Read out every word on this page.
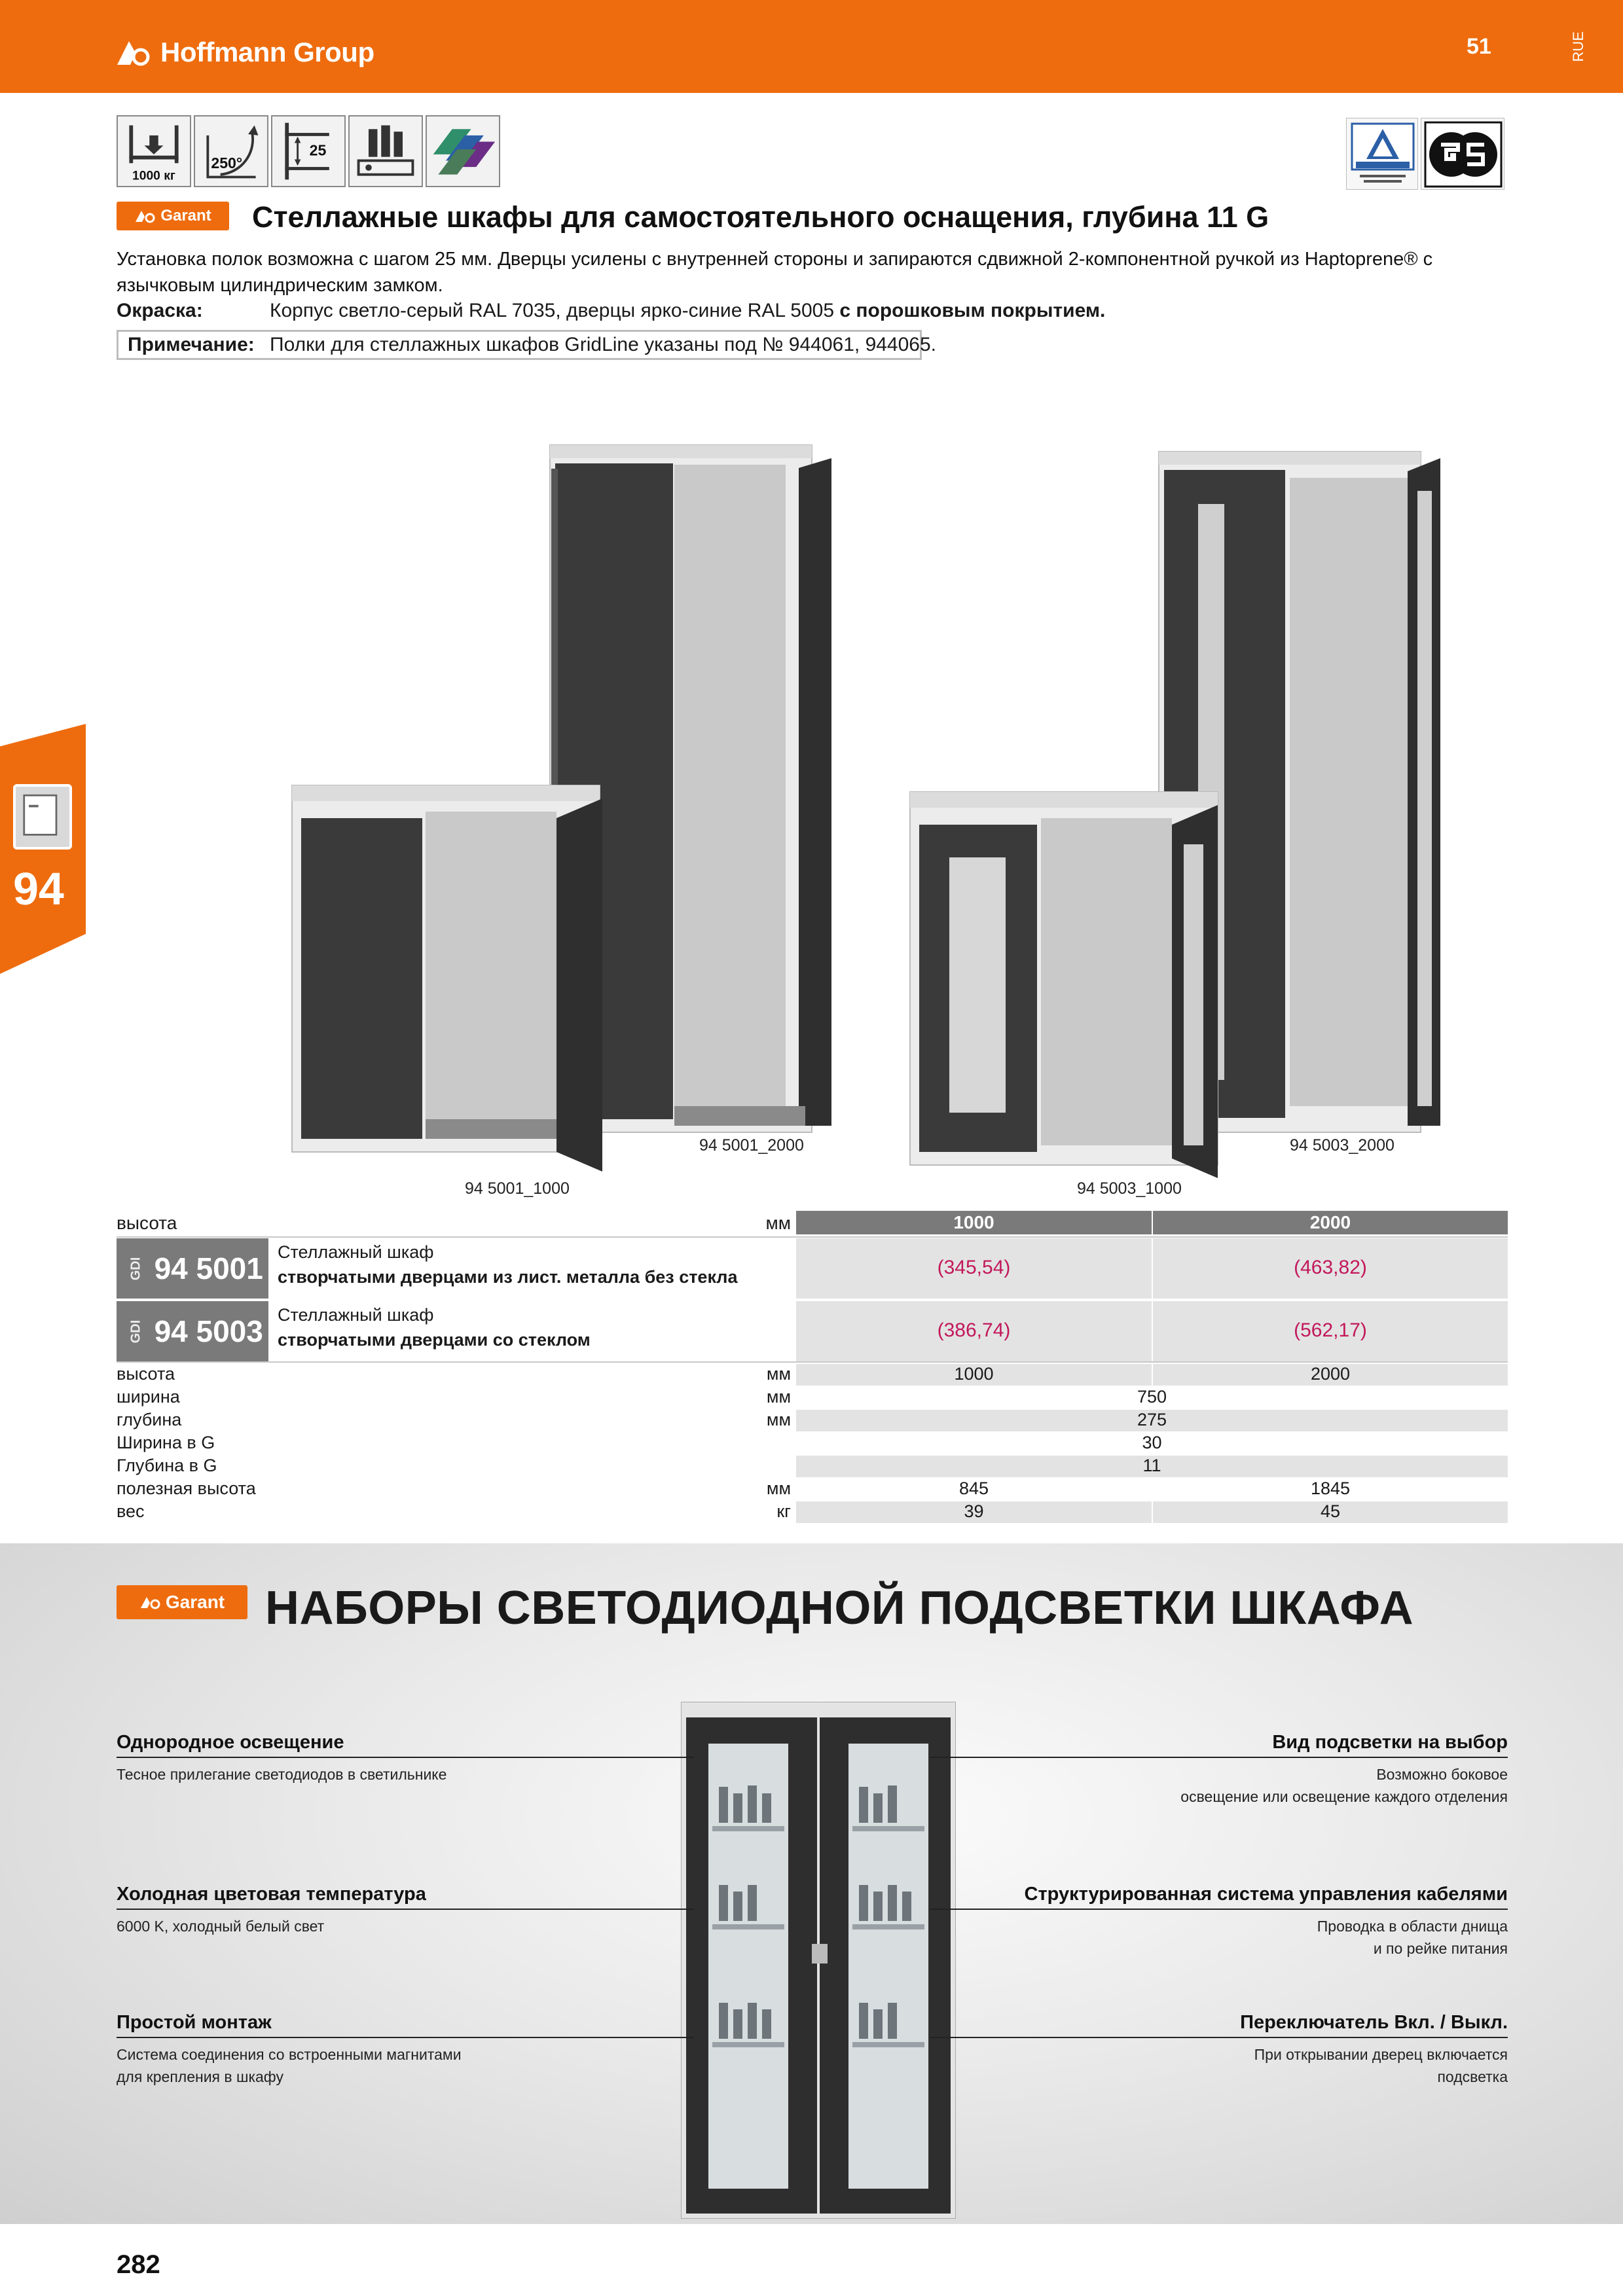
Hoffmann Group	51	RUE
1000 кг
250°
25
Garant Стеллажные шкафы для самостоятельного оснащения, глубина 11 G
Установка полок возможна с шагом 25 мм. Дверцы усилены с внутренней стороны и запираются сдвижной 2-компонентной ручкой из Haptoprene® с язычковым цилиндрическим замком.
Окраска:	Корпус светло-серый RAL 7035, дверцы ярко-синие RAL 5005 с порошковым покрытием.
Примечание: Полки для стеллажных шкафов GridLine указаны под № 944061, 944065.
94
94 5001_2000
94 5001_1000
94 5003_2000
94 5003_1000
высота	мм	1000	2000
GDI 94 5001 Стеллажный шкаф
створчатыми дверцами из лист. металла без стекла	(345,54)	(463,82)
GDI 94 5003 Стеллажный шкаф
створчатыми дверцами со стеклом	(386,74)	(562,17)
высота	мм	1000	2000
ширина	мм	750
глубина	мм	275
Ширина в G	30
Глубина в G	11
полезная высота	мм	845	1845
вес	кг	39	45
Garant НАБОРЫ СВЕТОДИОДНОЙ ПОДСВЕТКИ ШКАФА
Однородное освещение
Тесное прилегание светодиодов в светильнике
Холодная цветовая температура
6000 K, холодный белый свет
Простой монтаж
Система соединения со встроенными магнитами
для крепления в шкафу
Вид подсветки на выбор
Возможно боковое
освещение или освещение каждого отделения
Структурированная система управления кабелями
Проводка в области днища
и по рейке питания
Переключатель Вкл. / Выкл.
При открывании дверец включается
подсветка
282
